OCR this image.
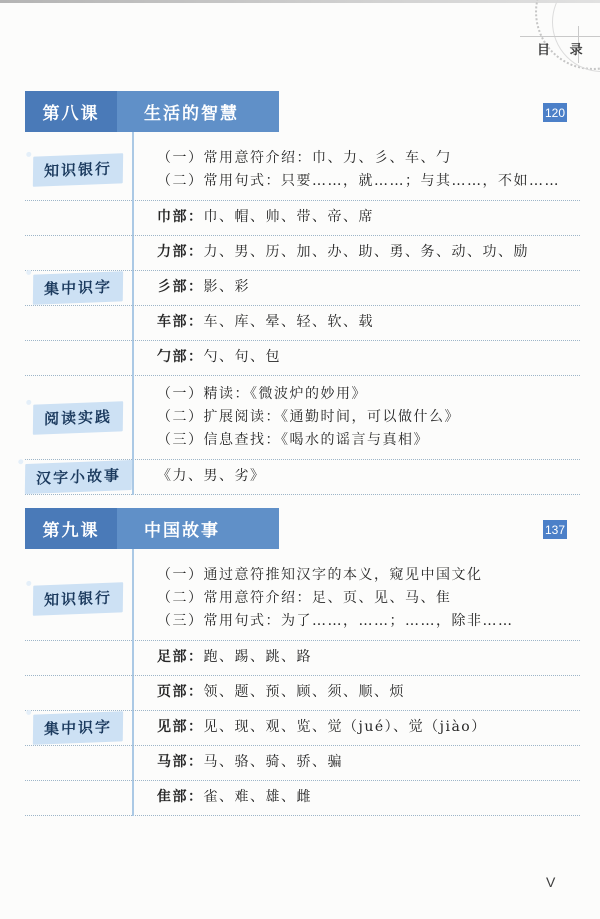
目 录
第八课	生活的智慧	120
知识银行
（一）常用意符介绍：巾、力、彡、车、勹
（二）常用句式：只要……，就……；与其……，不如……
集中识字
巾部：巾、帽、帅、带、帝、席
力部：力、男、历、加、办、助、勇、务、动、功、励
彡部：影、彩
车部：车、库、晕、轻、软、载
勹部：勺、句、包
阅读实践
（一）精读：《微波炉的妙用》
（二）扩展阅读：《通勤时间，可以做什么》
（三）信息查找：《喝水的谣言与真相》
汉字小故事	《力、男、劣》
第九课	中国故事	137
知识银行
（一）通过意符推知汉字的本义，窥见中国文化
（二）常用意符介绍：足、页、见、马、隹
（三）常用句式：为了……，……；……，除非……
集中识字
足部：跑、踢、跳、路
页部：领、题、预、顾、须、顺、烦
见部：见、现、观、览、觉（jué）、觉（jiào）
马部：马、骆、骑、骄、骗
隹部：雀、难、雄、雌
V
